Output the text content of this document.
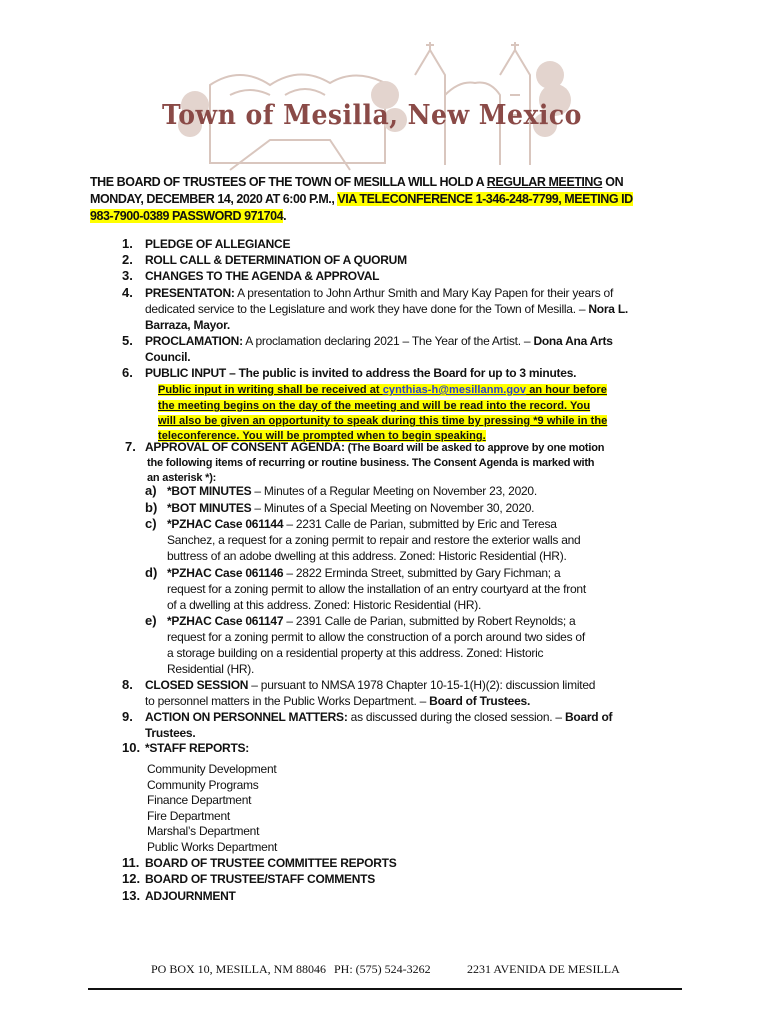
Town of Mesilla, New Mexico
THE BOARD OF TRUSTEES OF THE TOWN OF MESILLA WILL HOLD A REGULAR MEETING ON
MONDAY, DECEMBER 14, 2020 AT 6:00 P.M., VIA TELECONFERENCE 1-346-248-7799, MEETING ID
983-7900-0389 PASSWORD 971704.
1. PLEDGE OF ALLEGIANCE
2. ROLL CALL & DETERMINATION OF A QUORUM
3. CHANGES TO THE AGENDA & APPROVAL
4. PRESENTATON: A presentation to John Arthur Smith and Mary Kay Papen for their years of
dedicated service to the Legislature and work they have done for the Town of Mesilla. – Nora L.
Barraza, Mayor.
5. PROCLAMATION: A proclamation declaring 2021 – The Year of the Artist. – Dona Ana Arts
Council.
6. PUBLIC INPUT – The public is invited to address the Board for up to 3 minutes.
Public input in writing shall be received at cynthias-h@mesillanm.gov an hour before
the meeting begins on the day of the meeting and will be read into the record. You
will also be given an opportunity to speak during this time by pressing *9 while in the
teleconference. You will be prompted when to begin speaking.
7. APPROVAL OF CONSENT AGENDA: (The Board will be asked to approve by one motion
the following items of recurring or routine business. The Consent Agenda is marked with
an asterisk *):
a) *BOT MINUTES – Minutes of a Regular Meeting on November 23, 2020.
b) *BOT MINUTES – Minutes of a Special Meeting on November 30, 2020.
c) *PZHAC Case 061144 – 2231 Calle de Parian, submitted by Eric and Teresa
Sanchez, a request for a zoning permit to repair and restore the exterior walls and
buttress of an adobe dwelling at this address. Zoned: Historic Residential (HR).
d) *PZHAC Case 061146 – 2822 Erminda Street, submitted by Gary Fichman; a
request for a zoning permit to allow the installation of an entry courtyard at the front
of a dwelling at this address. Zoned: Historic Residential (HR).
e) *PZHAC Case 061147 – 2391 Calle de Parian, submitted by Robert Reynolds; a
request for a zoning permit to allow the construction of a porch around two sides of
a storage building on a residential property at this address. Zoned: Historic
Residential (HR).
8. CLOSED SESSION – pursuant to NMSA 1978 Chapter 10-15-1(H)(2): discussion limited
to personnel matters in the Public Works Department. – Board of Trustees.
9. ACTION ON PERSONNEL MATTERS: as discussed during the closed session. – Board of
Trustees.
10. *STAFF REPORTS:
Community Development
Community Programs
Finance Department
Fire Department
Marshal’s Department
Public Works Department
11. BOARD OF TRUSTEE COMMITTEE REPORTS
12. BOARD OF TRUSTEE/STAFF COMMENTS
13. ADJOURNMENT
PO BOX 10, MESILLA, NM 88046 PH: (575) 524-3262	2231 AVENIDA DE MESILLA
